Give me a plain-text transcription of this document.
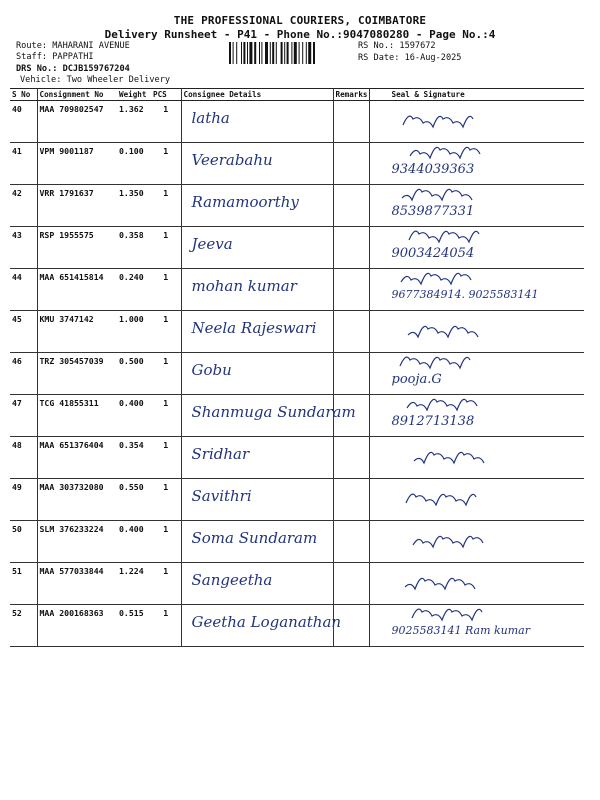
THE PROFESSIONAL COURIERS, COIMBATORE
Delivery Runsheet - P41 - Phone No.:9047080280 - Page No.:4
Route: MAHARANI AVENUE
Staff: PAPPATHI
DRS No.: DCJB159767204
Vehicle: Two Wheeler Delivery
RS No.: 1597672
RS Date: 16-Aug-2025
S No	Consignment No	Weight	PCS	Consignee Details	Remarks	Seal & Signature
40	MAA 709802547	1.362	1	latha

41	VPM 9001187	0.100	1	Veerabahu		9344039363

42	VRR 1791637	1.350	1	Ramamoorthy		8539877331

43	RSP 1955575	0.358	1	Jeeva		9003424054

44	MAA 651415814	0.240	1	mohan kumar		9677384914. 9025583141

45	KMU 3747142	1.000	1	Neela Rajeswari

46	TRZ 305457039	0.500	1	Gobu		pooja.G

47	TCG 41855311	0.400	1	Shanmuga Sundaram		8912713138

48	MAA 651376404	0.354	1	Sridhar

49	MAA 303732080	0.550	1	Savithri

50	SLM 376233224	0.400	1	Soma Sundaram

51	MAA 577033844	1.224	1	Sangeetha

52	MAA 200168363	0.515	1	Geetha Loganathan		9025583141 Ram kumar
